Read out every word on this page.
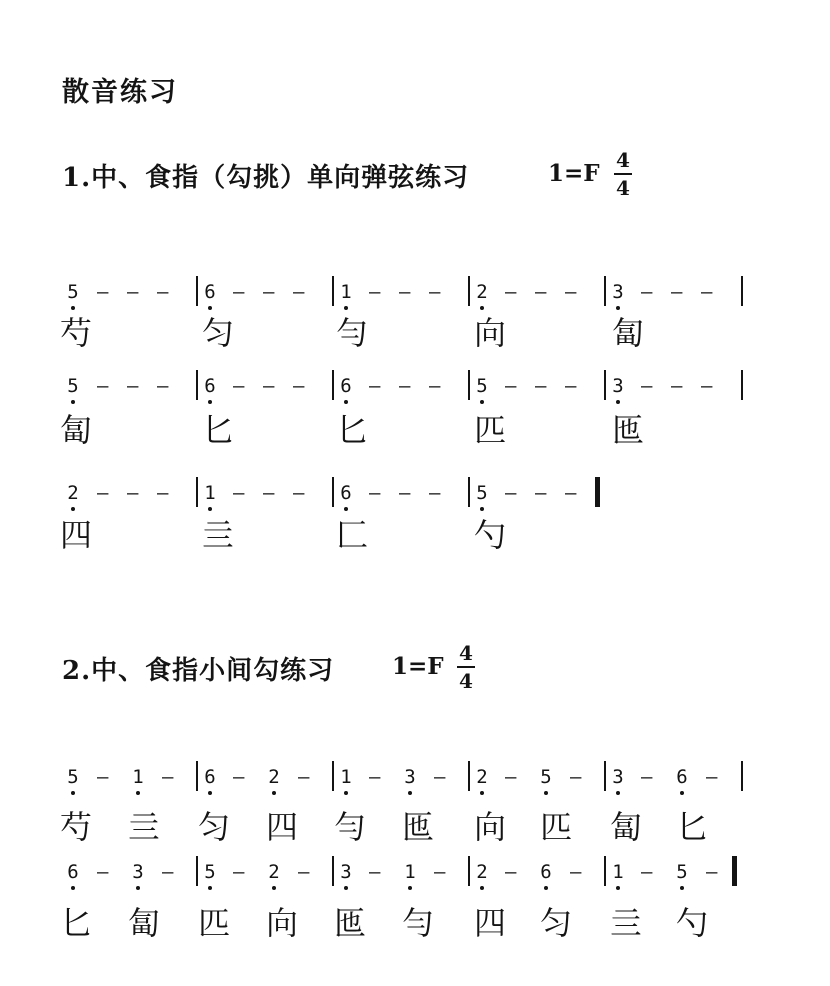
散音练习
1.中、食指（勾挑）单向弹弦练习	1=F 4
4
5 – – – 6 – – – 1 – – – 2 – – – 3 – – –
芍	匀	勻	向	匐
5 – – – 6 – – – 6 – – – 5 – – – 3 – – –
匐	匕	匕	匹	匜
2 – – – 1 – – – 6 – – – 5 – – –
四	亖	匚	勺
2.中、食指小间勾练习	1=F 4
4
5 – 1 – 6 – 2 – 1 – 3 – 2 – 5 – 3 – 6 –
芍	亖	匀	四	勻	匜	向	匹	匐	匕
6 – 3 – 5 – 2 – 3 – 1 – 2 – 6 – 1 – 5 –
匕	匐	匹	向	匜	勻	四	匀	亖	勺
